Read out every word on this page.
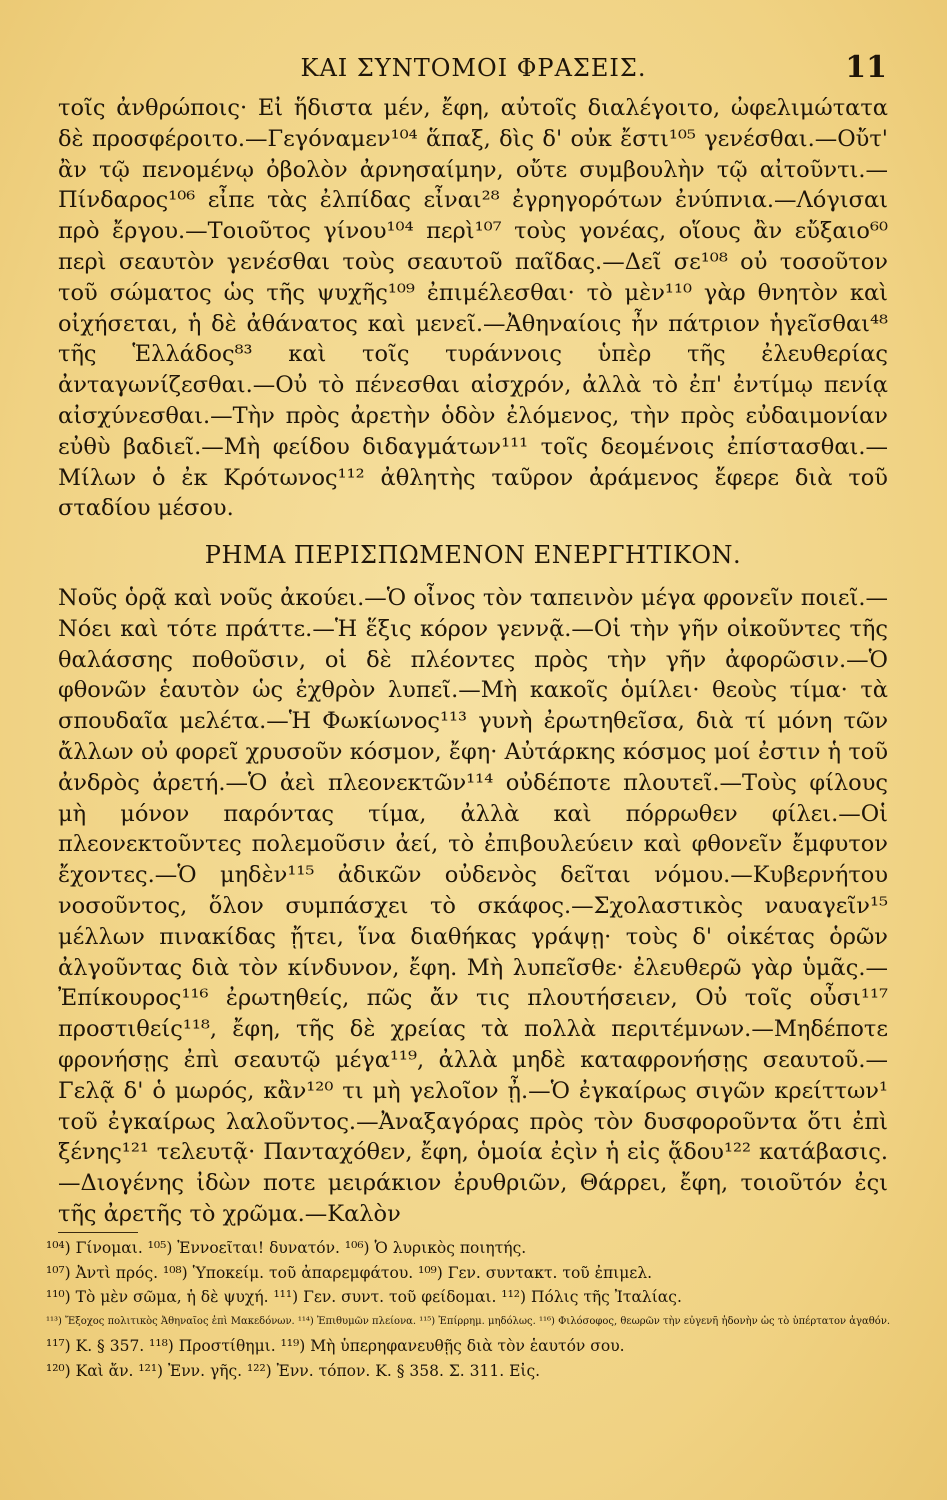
ΚΑΙ ΣΥΝΤΟΜΟΙ ΦΡΑΣΕΙΣ.	11

τοῖς ἀνθρώποις· Εἰ ἥδιστα μέν, ἔφη, αὐτοῖς διαλέγοιτο, ὠφελιμώτατα δὲ προσφέροιτο.—Γεγόναμεν¹⁰⁴ ἅπαξ, δὶς δ' οὐκ ἔστι¹⁰⁵ γενέσθαι.—Οὔτ' ἂν τῷ πενομένῳ ὀβολὸν ἀρνησαίμην, οὔτε συμβουλὴν τῷ αἰτοῦντι.—Πίνδαρος¹⁰⁶ εἶπε τὰς ἐλπίδας εἶναι²⁸ ἐγρηγορότων ἐνύπνια.—Λόγισαι πρὸ ἔργου.—Τοιοῦτος γίνου¹⁰⁴ περὶ¹⁰⁷ τοὺς γονέας, οἵους ἂν εὔξαιο⁶⁰ περὶ σεαυτὸν γενέσθαι τοὺς σεαυτοῦ παῖδας.—Δεῖ σε¹⁰⁸ οὐ τοσοῦτον τοῦ σώματος ὡς τῆς ψυχῆς¹⁰⁹ ἐπιμέλεσθαι· τὸ μὲν¹¹⁰ γὰρ θνητὸν καὶ οἰχήσεται, ἡ δὲ ἀθάνατος καὶ μενεῖ.—Ἀθηναίοις ἦν πάτριον ἡγεῖσθαι⁴⁸ τῆς Ἑλλάδος⁸³ καὶ τοῖς τυράννοις ὑπὲρ τῆς ἐλευθερίας ἀνταγωνίζεσθαι.—Οὐ τὸ πένεσθαι αἰσχρόν, ἀλλὰ τὸ ἐπ' ἐντίμῳ πενίᾳ αἰσχύνεσθαι.—Τὴν πρὸς ἀρετὴν ὁδὸν ἐλόμενος, τὴν πρὸς εὐδαιμονίαν εὐθὺ βαδιεῖ.—Μὴ φείδου διδαγμάτων¹¹¹ τοῖς δεομένοις ἐπίστασθαι.—Μίλων ὁ ἐκ Κρότωνος¹¹² ἀθλητὴς ταῦρον ἀράμενος ἔφερε διὰ τοῦ σταδίου μέσου.

ΡΗΜΑ ΠΕΡΙΣΠΩΜΕΝΟΝ ΕΝΕΡΓΗΤΙΚΟΝ.

Νοῦς ὁρᾷ καὶ νοῦς ἀκούει.—Ὁ οἶνος τὸν ταπεινὸν μέγα φρονεῖν ποιεῖ.—Νόει καὶ τότε πράττε.—Ἡ ἕξις κόρον γεννᾷ.—Οἱ τὴν γῆν οἰκοῦντες τῆς θαλάσσης ποθοῦσιν, οἱ δὲ πλέοντες πρὸς τὴν γῆν ἀφορῶσιν.—Ὁ φθονῶν ἑαυτὸν ὡς ἐχθρὸν λυπεῖ.—Μὴ κακοῖς ὁμίλει· θεοὺς τίμα· τὰ σπουδαῖα μελέτα.—Ἡ Φωκίωνος¹¹³ γυνὴ ἐρωτηθεῖσα, διὰ τί μόνη τῶν ἄλλων οὐ φορεῖ χρυσοῦν κόσμον, ἔφη· Αὐτάρκης κόσμος μοί ἐστιν ἡ τοῦ ἀνδρὸς ἀρετή.—Ὁ ἀεὶ πλεονεκτῶν¹¹⁴ οὐδέποτε πλουτεῖ.—Τοὺς φίλους μὴ μόνον παρόντας τίμα, ἀλλὰ καὶ πόρρωθεν φίλει.—Οἱ πλεονεκτοῦντες πολεμοῦσιν ἀεί, τὸ ἐπιβουλεύειν καὶ φθονεῖν ἔμφυτον ἔχοντες.—Ὁ μηδὲν¹¹⁵ ἀδικῶν οὐδενὸς δεῖται νόμου.—Κυβερνήτου νοσοῦντος, ὅλον συμπάσχει τὸ σκάφος.—Σχολαστικὸς ναυαγεῖν¹⁵ μέλλων πινακίδας ᾔτει, ἵνα διαθήκας γράψῃ· τοὺς δ' οἰκέτας ὁρῶν ἀλγοῦντας διὰ τὸν κίνδυνον, ἔφη. Μὴ λυπεῖσθε· ἐλευθερῶ γὰρ ὑμᾶς.—Ἐπίκουρος¹¹⁶ ἐρωτηθείς, πῶς ἄν τις πλουτήσειεν, Οὐ τοῖς οὖσι¹¹⁷ προστιθείς¹¹⁸, ἔφη, τῆς δὲ χρείας τὰ πολλὰ περιτέμνων.—Μηδέποτε φρονήσῃς ἐπὶ σεαυτῷ μέγα¹¹⁹, ἀλλὰ μηδὲ καταφρονήσῃς σεαυτοῦ.—Γελᾷ δ' ὁ μωρός, κἂν¹²⁰ τι μὴ γελοῖον ᾖ.—Ὁ ἐγκαίρως σιγῶν κρείττων¹ τοῦ ἐγκαίρως λαλοῦντος.—Ἀναξαγόρας πρὸς τὸν δυσφοροῦντα ὅτι ἐπὶ ξένης¹²¹ τελευτᾷ· Πανταχόθεν, ἔφη, ὁμοία ἐςὶν ἡ εἰς ᾅδου¹²² κατάβασις.—Διογένης ἰδὼν ποτε μειράκιον ἐρυθριῶν, Θάρρει, ἔφη, τοιοῦτόν ἐςι τῆς ἀρετῆς τὸ χρῶμα.—Καλὸν

¹⁰⁴) Γίνομαι. ¹⁰⁵) Ἐννοεῖται! δυνατόν. ¹⁰⁶) Ὁ λυρικὸς ποιητής.
¹⁰⁷) Ἀντὶ πρός. ¹⁰⁸) Ὑποκείμ. τοῦ ἀπαρεμφάτου. ¹⁰⁹) Γεν. συντακτ. τοῦ ἐπιμελ.
¹¹⁰) Τὸ μὲν σῶμα, ἡ δὲ ψυχή. ¹¹¹) Γεν. συντ. τοῦ φείδομαι. ¹¹²) Πόλις τῆς Ἰταλίας.
¹¹³) Ἔξοχος πολιτικὸς Ἀθηναῖος ἐπὶ Μακεδόνων. ¹¹⁴) Ἐπιθυμῶν πλείονα. ¹¹⁵) Ἐπίρρημ. μηδόλως. ¹¹⁶) Φιλόσοφος, θεωρῶν τὴν εὐγενῆ ἡδονὴν ὡς τὸ ὑπέρτατον ἀγαθόν.
¹¹⁷) Κ. § 357. ¹¹⁸) Προστίθημι. ¹¹⁹) Μὴ ὑπερηφανευθῇς διὰ τὸν ἑαυτόν σου.
¹²⁰) Καὶ ἄν. ¹²¹) Ἐνν. γῆς. ¹²²) Ἐνν. τόπον. Κ. § 358. Σ. 311. Εἰς.
